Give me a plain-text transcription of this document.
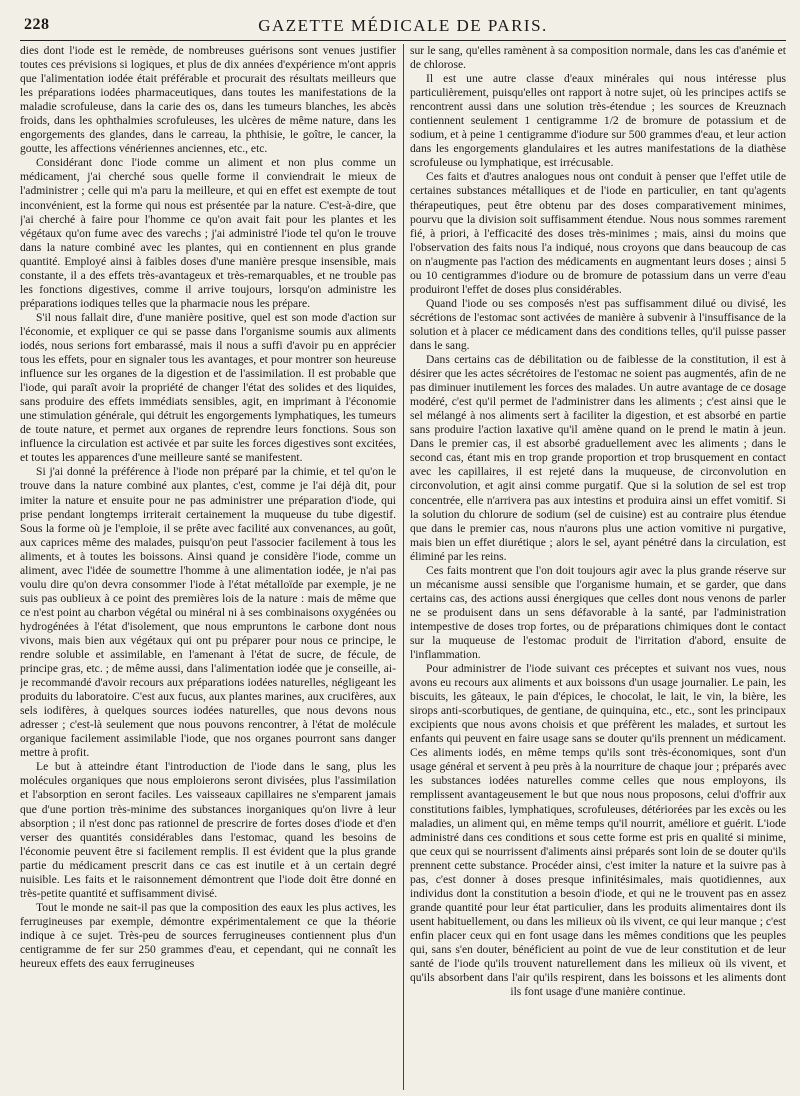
228	GAZETTE MÉDICALE DE PARIS.

dies dont l'iode est le remède, de nombreuses guérisons sont venues justifier toutes ces prévisions si logiques, et plus de dix années d'expérience m'ont appris que l'alimentation iodée était préférable et procurait des résultats meilleurs que les préparations iodées pharmaceutiques, dans toutes les manifestations de la maladie scrofuleuse, dans la carie des os, dans les tumeurs blanches, les abcès froids, dans les ophthalmies scrofuleuses, les ulcères de même nature, dans les engorgements des glandes, dans le carreau, la phthisie, le goître, le cancer, la goutte, les affections vénériennes anciennes, etc., etc.

Considérant donc l'iode comme un aliment et non plus comme un médicament, j'ai cherché sous quelle forme il conviendrait le mieux de l'administrer ; celle qui m'a paru la meilleure, et qui en effet est exempte de tout inconvénient, est la forme qui nous est présentée par la nature. C'est-à-dire, que j'ai cherché à faire pour l'homme ce qu'on avait fait pour les plantes et les végétaux qu'on fume avec des varechs ; j'ai administré l'iode tel qu'on le trouve dans la nature combiné avec les plantes, qui en contiennent en plus grande quantité. Employé ainsi à faibles doses d'une manière presque insensible, mais constante, il a des effets très-avantageux et très-remarquables, et ne trouble pas les fonctions digestives, comme il arrive toujours, lorsqu'on administre les préparations iodiques telles que la pharmacie nous les prépare.

S'il nous fallait dire, d'une manière positive, quel est son mode d'action sur l'économie, et expliquer ce qui se passe dans l'organisme soumis aux aliments iodés, nous serions fort embarassé, mais il nous a suffi d'avoir pu en apprécier tous les effets, pour en signaler tous les avantages, et pour montrer son heureuse influence sur les organes de la digestion et de l'assimilation. Il est probable que l'iode, qui paraît avoir la propriété de changer l'état des solides et des liquides, sans produire des effets immédiats sensibles, agit, en imprimant à l'économie une stimulation générale, qui détruit les engorgements lymphatiques, les tumeurs de toute nature, et permet aux organes de reprendre leurs fonctions. Sous son influence la circulation est activée et par suite les forces digestives sont excitées, et toutes les apparences d'une meilleure santé se manifestent.

Si j'ai donné la préférence à l'iode non préparé par la chimie, et tel qu'on le trouve dans la nature combiné aux plantes, c'est, comme je l'ai déjà dit, pour imiter la nature et ensuite pour ne pas administrer une préparation d'iode, qui prise pendant longtemps irriterait certainement la muqueuse du tube digestif. Sous la forme où je l'emploie, il se prête avec facilité aux convenances, au goût, aux caprices même des malades, puisqu'on peut l'associer facilement à tous les aliments, et à toutes les boissons. Ainsi quand je considère l'iode, comme un aliment, avec l'idée de soumettre l'homme à une alimentation iodée, je n'ai pas voulu dire qu'on devra consommer l'iode à l'état métalloïde par exemple, je ne suis pas oublieux à ce point des premières lois de la nature : mais de même que ce n'est point au charbon végétal ou minéral ni à ses combinaisons oxygénées ou hydrogénées à l'état d'isolement, que nous empruntons le carbone dont nous vivons, mais bien aux végétaux qui ont pu préparer pour nous ce principe, le rendre soluble et assimilable, en l'amenant à l'état de sucre, de fécule, de principe gras, etc. ; de même aussi, dans l'alimentation iodée que je conseille, ai-je recommandé d'avoir recours aux préparations iodées naturelles, négligeant les produits du laboratoire. C'est aux fucus, aux plantes marines, aux crucifères, aux sels iodifères, à quelques sources iodées naturelles, que nous devons nous adresser ; c'est-là seulement que nous pouvons rencontrer, à l'état de molécule organique facilement assimilable l'iode, que nos organes pourront sans danger mettre à profit.

Le but à atteindre étant l'introduction de l'iode dans le sang, plus les molécules organiques que nous emploierons seront divisées, plus l'assimilation et l'absorption en seront faciles. Les vaisseaux capillaires ne s'emparent jamais que d'une portion très-minime des substances inorganiques qu'on livre à leur absorption ; il n'est donc pas rationnel de prescrire de fortes doses d'iode et d'en verser des quantités considérables dans l'estomac, quand les besoins de l'économie peuvent être si facilement remplis. Il est évident que la plus grande partie du médicament prescrit dans ce cas est inutile et à un certain degré nuisible. Les faits et le raisonnement démontrent que l'iode doit être donné en très-petite quantité et suffisamment divisé.

Tout le monde ne sait-il pas que la composition des eaux les plus actives, les ferrugineuses par exemple, démontre expérimentalement ce que la théorie indique à ce sujet. Très-peu de sources ferrugineuses contiennent plus d'un centigramme de fer sur 250 grammes d'eau, et cependant, qui ne connaît les heureux effets des eaux ferrugineuses

sur le sang, qu'elles ramènent à sa composition normale, dans les cas d'anémie et de chlorose.

Il est une autre classe d'eaux minérales qui nous intéresse plus particulièrement, puisqu'elles ont rapport à notre sujet, où les principes actifs se rencontrent aussi dans une solution très-étendue ; les sources de Kreuznach contiennent seulement 1 centigramme 1/2 de bromure de potassium et de sodium, et à peine 1 centigramme d'iodure sur 500 grammes d'eau, et leur action dans les engorgements glandulaires et les autres manifestations de la diathèse scrofuleuse ou lymphatique, est irrécusable.

Ces faits et d'autres analogues nous ont conduit à penser que l'effet utile de certaines substances métalliques et de l'iode en particulier, en tant qu'agents thérapeutiques, peut être obtenu par des doses comparativement minimes, pourvu que la division soit suffisamment étendue. Nous nous sommes rarement fié, à priori, à l'efficacité des doses très-minimes ; mais, ainsi du moins que l'observation des faits nous l'a indiqué, nous croyons que dans beaucoup de cas on n'augmente pas l'action des médicaments en augmentant leurs doses ; ainsi 5 ou 10 centigrammes d'iodure ou de bromure de potassium dans un verre d'eau produiront l'effet de doses plus considérables.

Quand l'iode ou ses composés n'est pas suffisamment dilué ou divisé, les sécrétions de l'estomac sont activées de manière à subvenir à l'insuffisance de la solution et à placer ce médicament dans des conditions telles, qu'il puisse passer dans le sang.

Dans certains cas de débilitation ou de faiblesse de la constitution, il est à désirer que les actes sécrétoires de l'estomac ne soient pas augmentés, afin de ne pas diminuer inutilement les forces des malades. Un autre avantage de ce dosage modéré, c'est qu'il permet de l'administrer dans les aliments ; c'est ainsi que le sel mélangé à nos aliments sert à faciliter la digestion, et est absorbé en partie sans produire l'action laxative qu'il amène quand on le prend le matin à jeun. Dans le premier cas, il est absorbé graduellement avec les aliments ; dans le second cas, étant mis en trop grande proportion et trop brusquement en contact avec les capillaires, il est rejeté dans la muqueuse, de circonvolution en circonvolution, et agit ainsi comme purgatif. Que si la solution de sel est trop concentrée, elle n'arrivera pas aux intestins et produira ainsi un effet vomitif. Si la solution du chlorure de sodium (sel de cuisine) est au contraire plus étendue que dans le premier cas, nous n'aurons plus une action vomitive ni purgative, mais bien un effet diurétique ; alors le sel, ayant pénétré dans la circulation, est éliminé par les reins.

Ces faits montrent que l'on doit toujours agir avec la plus grande réserve sur un mécanisme aussi sensible que l'organisme humain, et se garder, que dans certains cas, des actions aussi énergiques que celles dont nous venons de parler ne se produisent dans un sens défavorable à la santé, par l'administration intempestive de doses trop fortes, ou de préparations chimiques dont le contact sur la muqueuse de l'estomac produit de l'irritation d'abord, ensuite de l'inflammation.

Pour administrer de l'iode suivant ces préceptes et suivant nos vues, nous avons eu recours aux aliments et aux boissons d'un usage journalier. Le pain, les biscuits, les gâteaux, le pain d'épices, le chocolat, le lait, le vin, la bière, les sirops anti-scorbutiques, de gentiane, de quinquina, etc., etc., sont les principaux excipients que nous avons choisis et que préfèrent les malades, et surtout les enfants qui peuvent en faire usage sans se douter qu'ils prennent un médicament. Ces aliments iodés, en même temps qu'ils sont très-économiques, sont d'un usage général et servent à peu près à la nourriture de chaque jour ; préparés avec les substances iodées naturelles comme celles que nous employons, ils remplissent avantageusement le but que nous nous proposons, celui d'offrir aux constitutions faibles, lymphatiques, scrofuleuses, détériorées par les excès ou les maladies, un aliment qui, en même temps qu'il nourrit, améliore et guérit. L'iode administré dans ces conditions et sous cette forme est pris en qualité si minime, que ceux qui se nourrissent d'aliments ainsi préparés sont loin de se douter qu'ils prennent cette substance. Procéder ainsi, c'est imiter la nature et la suivre pas à pas, c'est donner à doses presque infinitésimales, mais quotidiennes, aux individus dont la constitution a besoin d'iode, et qui ne le trouvent pas en assez grande quantité pour leur état particulier, dans les produits alimentaires dont ils usent habituellement, ou dans les milieux où ils vivent, ce qui leur manque ; c'est enfin placer ceux qui en font usage dans les mêmes conditions que les peuples qui, sans s'en douter, bénéficient au point de vue de leur constitution et de leur santé de l'iode qu'ils trouvent naturellement dans les milieux où ils vivent, et qu'ils absorbent dans l'air qu'ils respirent, dans les boissons et les aliments dont ils font usage d'une manière continue.
